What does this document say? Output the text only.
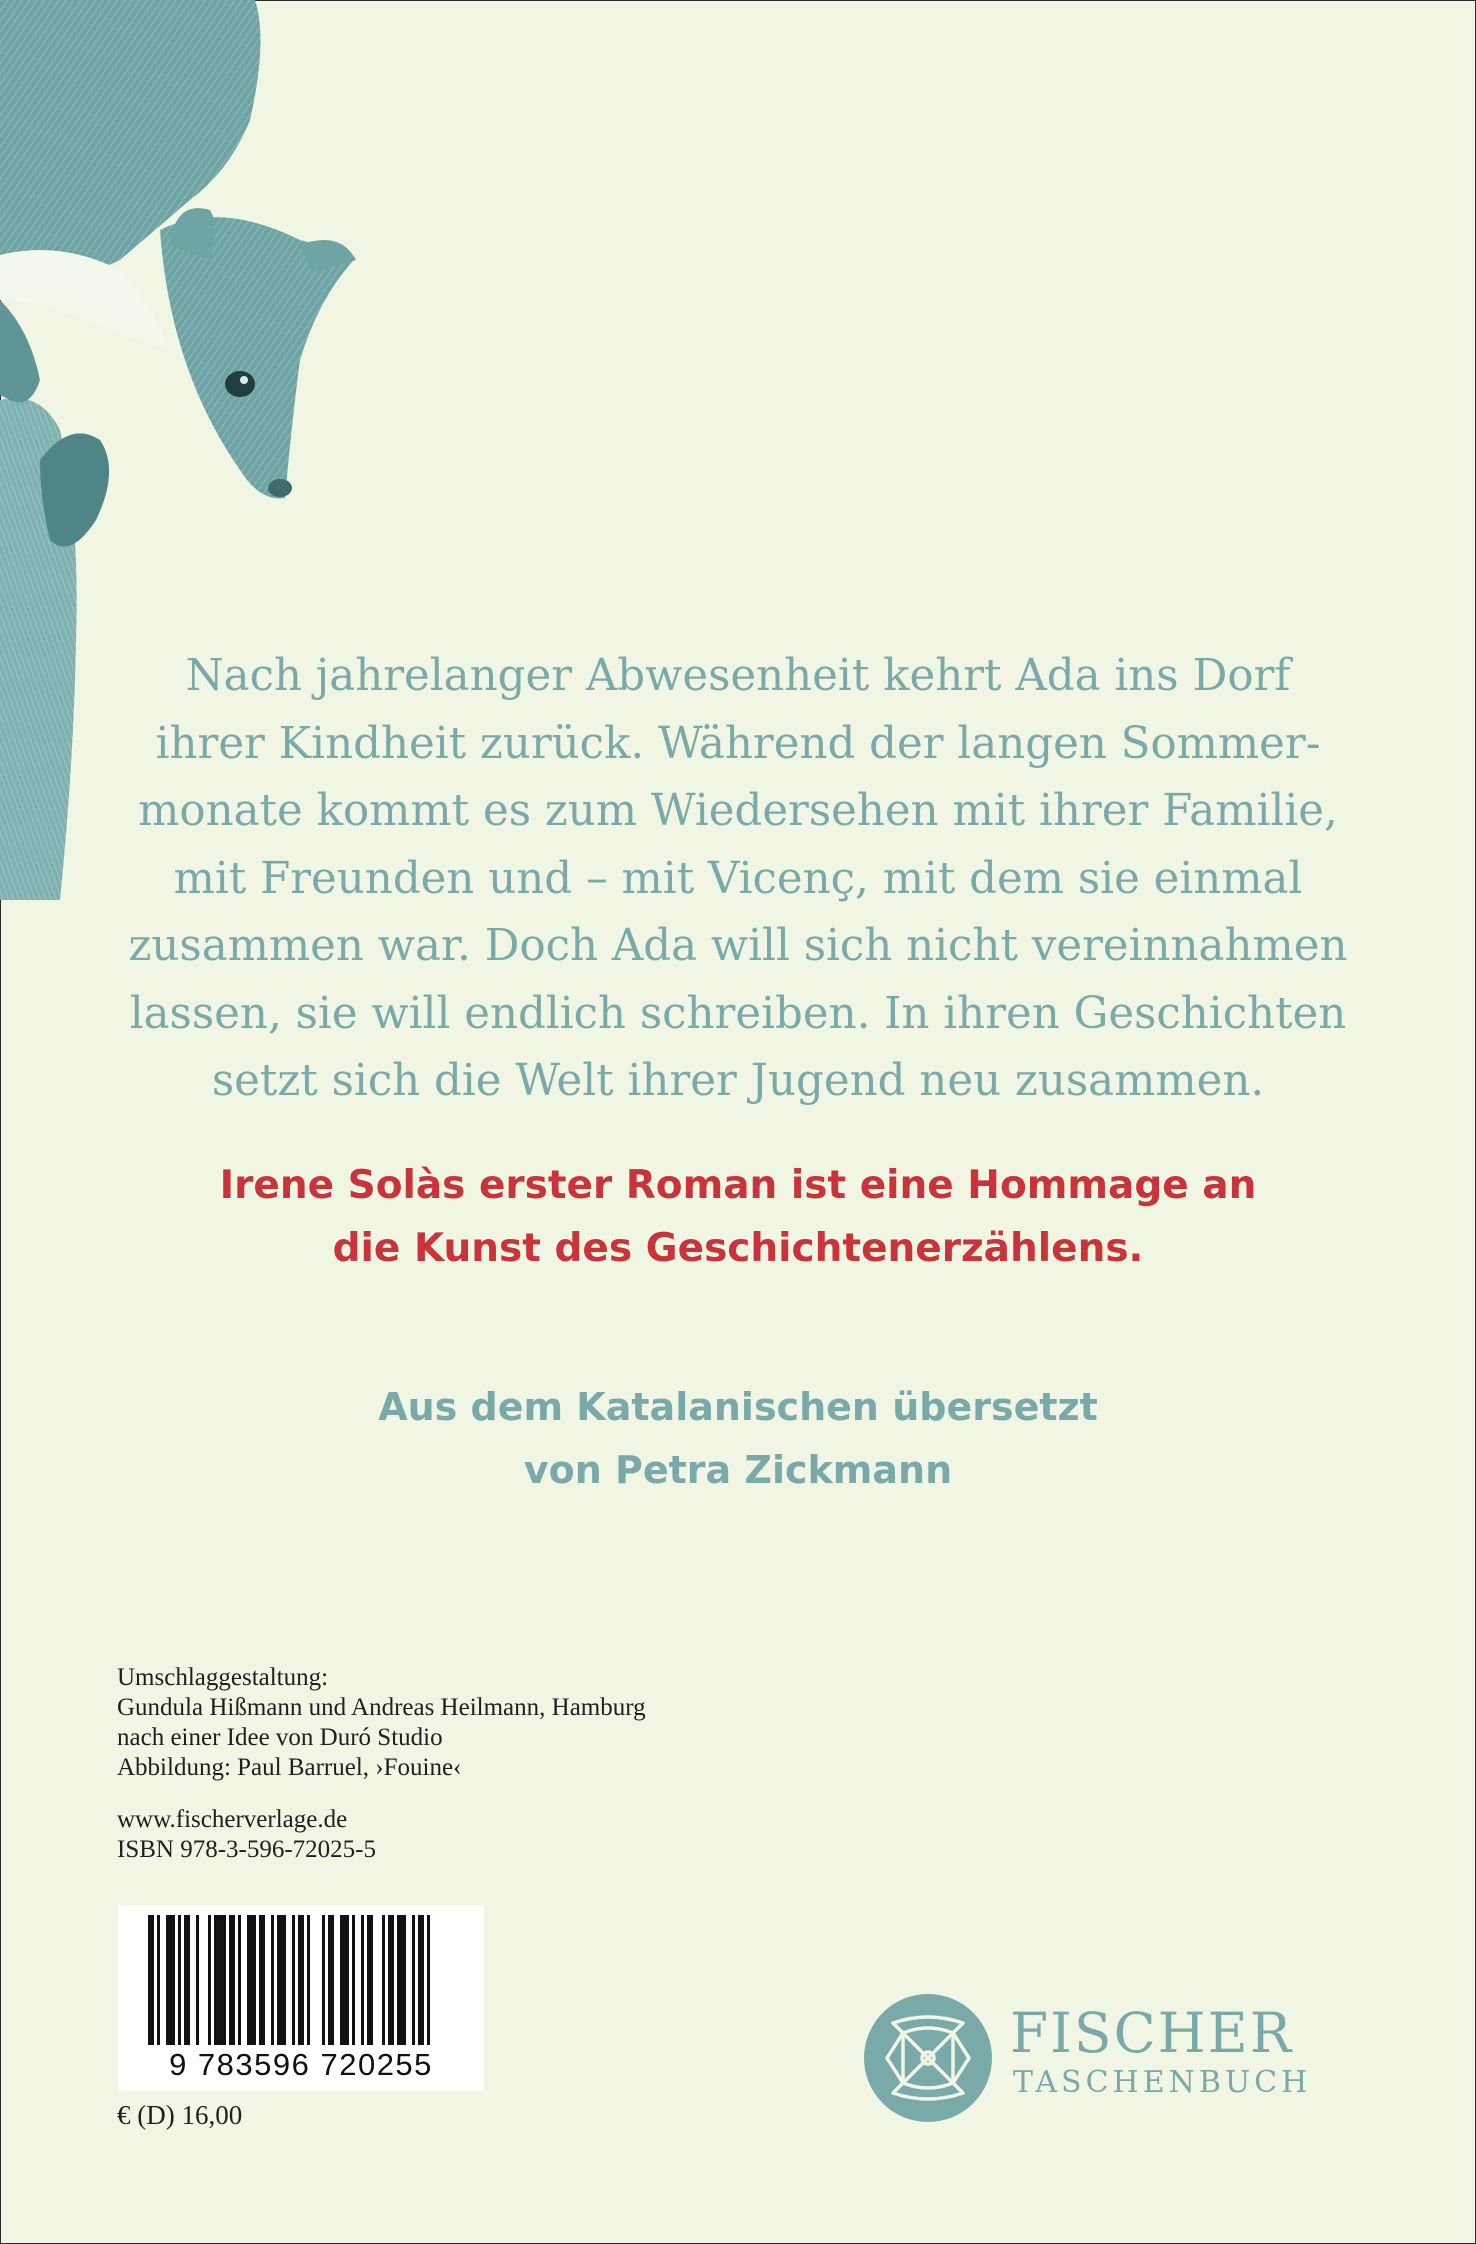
Nach jahrelanger Abwesenheit kehrt Ada ins Dorf
ihrer Kindheit zurück. Während der langen Sommer-
monate kommt es zum Wiedersehen mit ihrer Familie,
mit Freunden und – mit Vicenç, mit dem sie einmal
zusammen war. Doch Ada will sich nicht vereinnahmen
lassen, sie will endlich schreiben. In ihren Geschichten
setzt sich die Welt ihrer Jugend neu zusammen.
Irene Solàs erster Roman ist eine Hommage an
die Kunst des Geschichtenerzählens.
Aus dem Katalanischen übersetzt
von Petra Zickmann
Umschlaggestaltung:
Gundula Hißmann und Andreas Heilmann, Hamburg
nach einer Idee von Duró Studio
Abbildung: Paul Barruel, ›Fouine‹
www.fischerverlage.de
ISBN 978-3-596-72025-5
9 783596 720255
€ (D) 16,00
FISCHER
TASCHENBUCH
